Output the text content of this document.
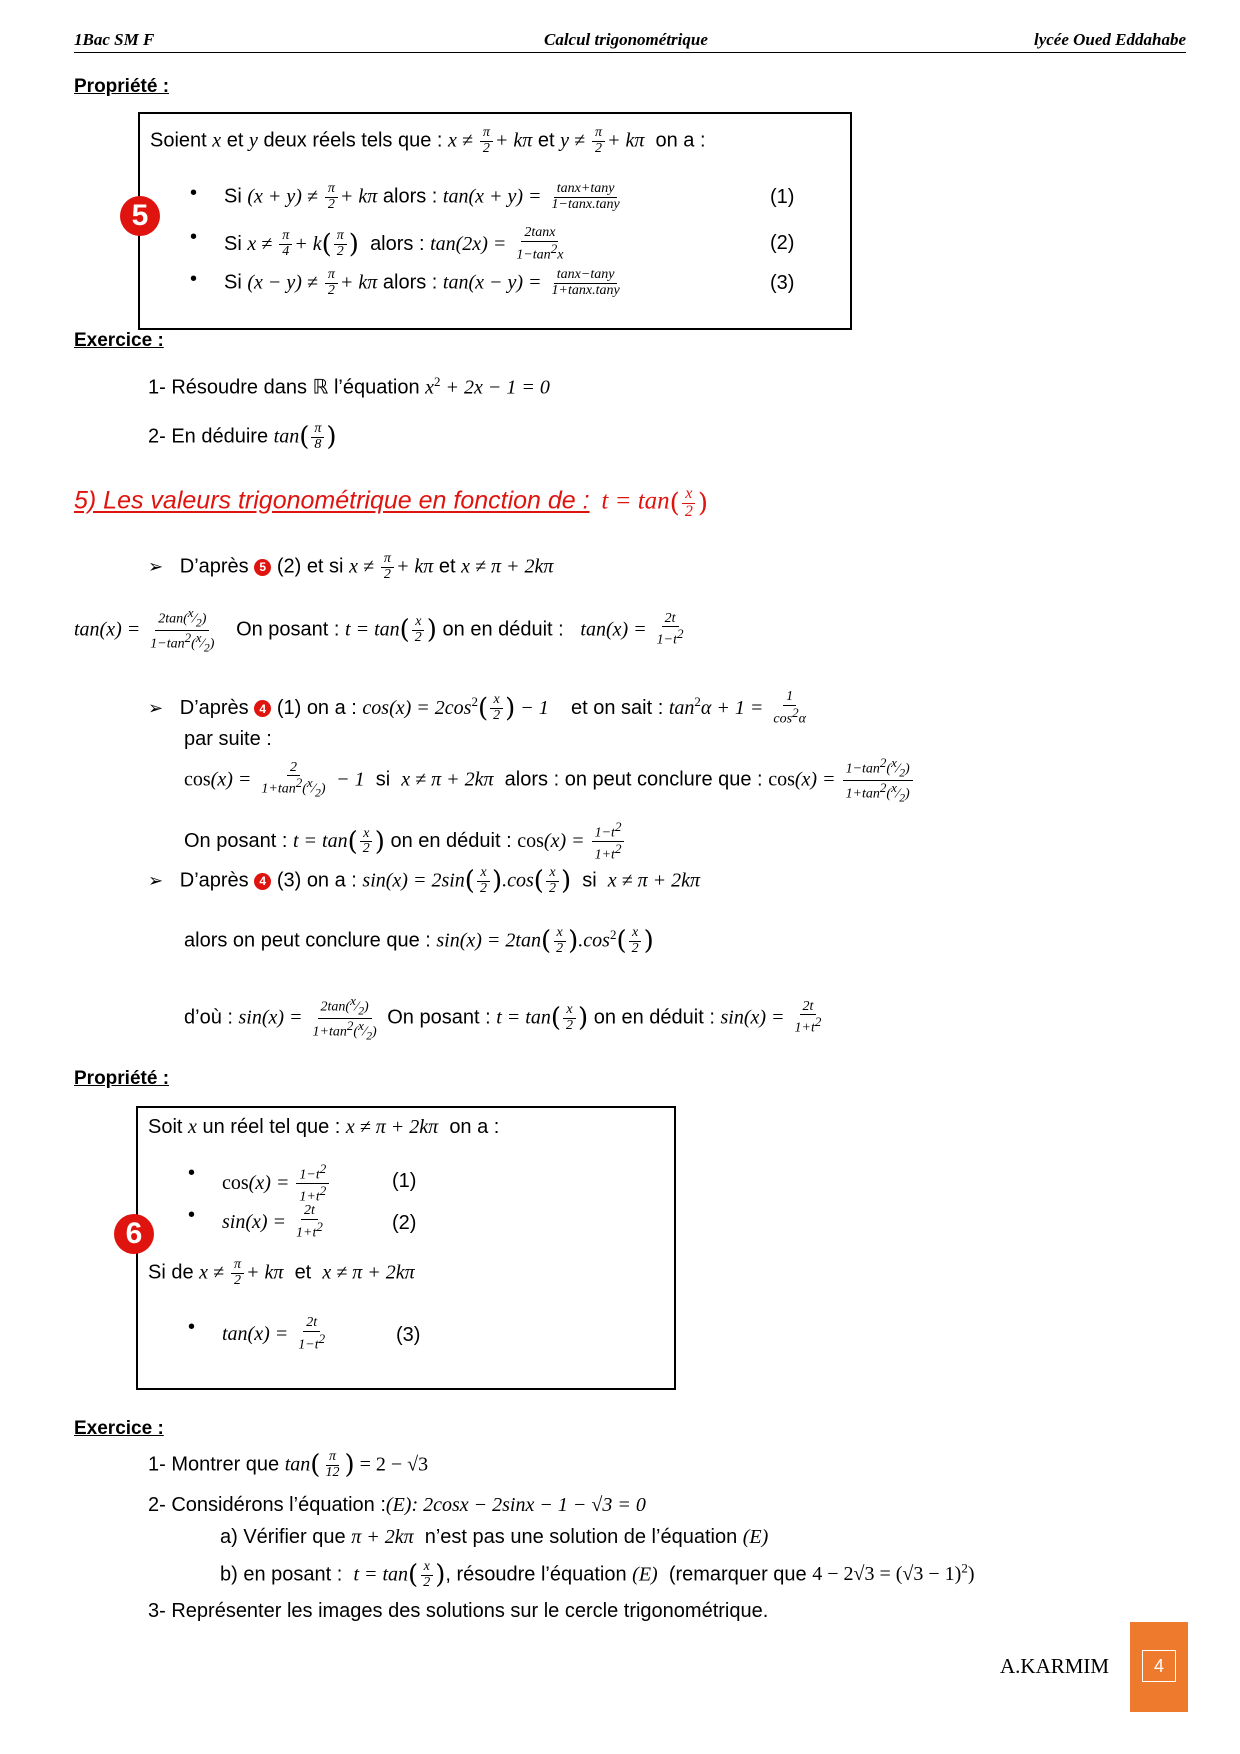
1Bac SM F	Calcul trigonométrique	lycée Oued Eddahabe
Propriété :
Soient x et y deux réels tels que : $x \ne \frac{\pi}{2} + k\pi$ et $y \ne \frac{\pi}{2} + k\pi$ on a :
• Si $(x + y) \ne \frac{\pi}{2} + k\pi$ alors : $\tan(x + y) = \frac{\tan x+\tan y}{1-\tan x.\tan y}$	(1)
• Si $x \ne \frac{\pi}{4} + k( \frac{\pi}{2}$ ) alors : $\tan(2x) = \frac{2\tan x}{1-\tan^2x}$	(2)
• Si $(x - y) \ne \frac{\pi}{2} + k\pi$ alors : $\tan(x - y) = \frac{\tan x-\tan y}{1+\tan x.\tan y}$	(3)
5
Exercice :
1- Résoudre dans ℝ l’équation $x^2 + 2x - 1 = 0$
2- En déduire $\tan( \frac{\pi}{8}$ )
5) Les valeurs trigonométrique en fonction de :  $t = \tan( \frac{x}{2}$ )
➢ D’après 5 (2) et si $x \ne \frac{\pi}{2} + k\pi$ et x ≠ π + 2kπ
$\tan(x) = \frac{2\tan(^x⁄_2)}{1-\tan^2(^x⁄_2)}$ On posant : $t = \tan( \frac{x}{2}$ ) on en déduit : $\tan(x) = \frac{2t}{1-t^2}$
➢ D’après 4 (1) on a : $\cos(x) = 2\cos^2( \frac{x}{2}$ ) − 1 et on sait : $\tan^2\alpha + 1 = \frac{1}{\cos^2\alpha}$
par suite :
$\cos(x) = \frac{2}{1+\tan^2(^x⁄_2)} - 1$ si x ≠ π + 2kπ alors : on peut conclure que : $\cos(x) = \frac{1-\tan^2(^x⁄_2)}{1+\tan^2(^x⁄_2)}$
On posant : $t = \tan( \frac{x}{2}$ ) on en déduit : $\cos(x) = \frac{1-t^2}{1+t^2}$
➢ D’après 4 (3) on a : $\sin(x) = 2\sin( \frac{x}{2} ).\cos( \frac{x}{2}$ ) si x ≠ π + 2kπ
alors on peut conclure que : $\sin(x) = 2\tan( \frac{x}{2} ).\cos^2( \frac{x}{2}$ )
d’où : $\sin(x) = \frac{2\tan(^x⁄_2)}{1+\tan^2(^x⁄_2)}$ On posant : $t = \tan( \frac{x}{2}$ ) on en déduit : $\sin(x) = \frac{2t}{1+t^2}$
Propriété :
Soit x un réel tel que : x ≠ π + 2kπ on a :
• $\cos(x) = \frac{1-t^2}{1+t^2}$	(1)
• $\sin(x) = \frac{2t}{1+t^2}$	(2)
Si de $x \ne \frac{\pi}{2} + k\pi$ et x ≠ π + 2kπ
• $\tan(x) = \frac{2t}{1-t^2}$	(3)
6
Exercice :
1- Montrer que $\tan( \frac{\pi}{12}$ ) = 2 − √3
2- Considérons l’équation :(E): 2cosx − 2sinx − 1 − √3 = 0
a) Vérifier que π + 2kπ n’est pas une solution de l’équation (E)
b) en posant : $t = \tan( \frac{x}{2}$ ), résoudre l’équation (E) (remarquer que $4 - 2√3 = (√3 - 1)^2$)
3- Représenter les images des solutions sur le cercle trigonométrique.
A.KARMIM	4
